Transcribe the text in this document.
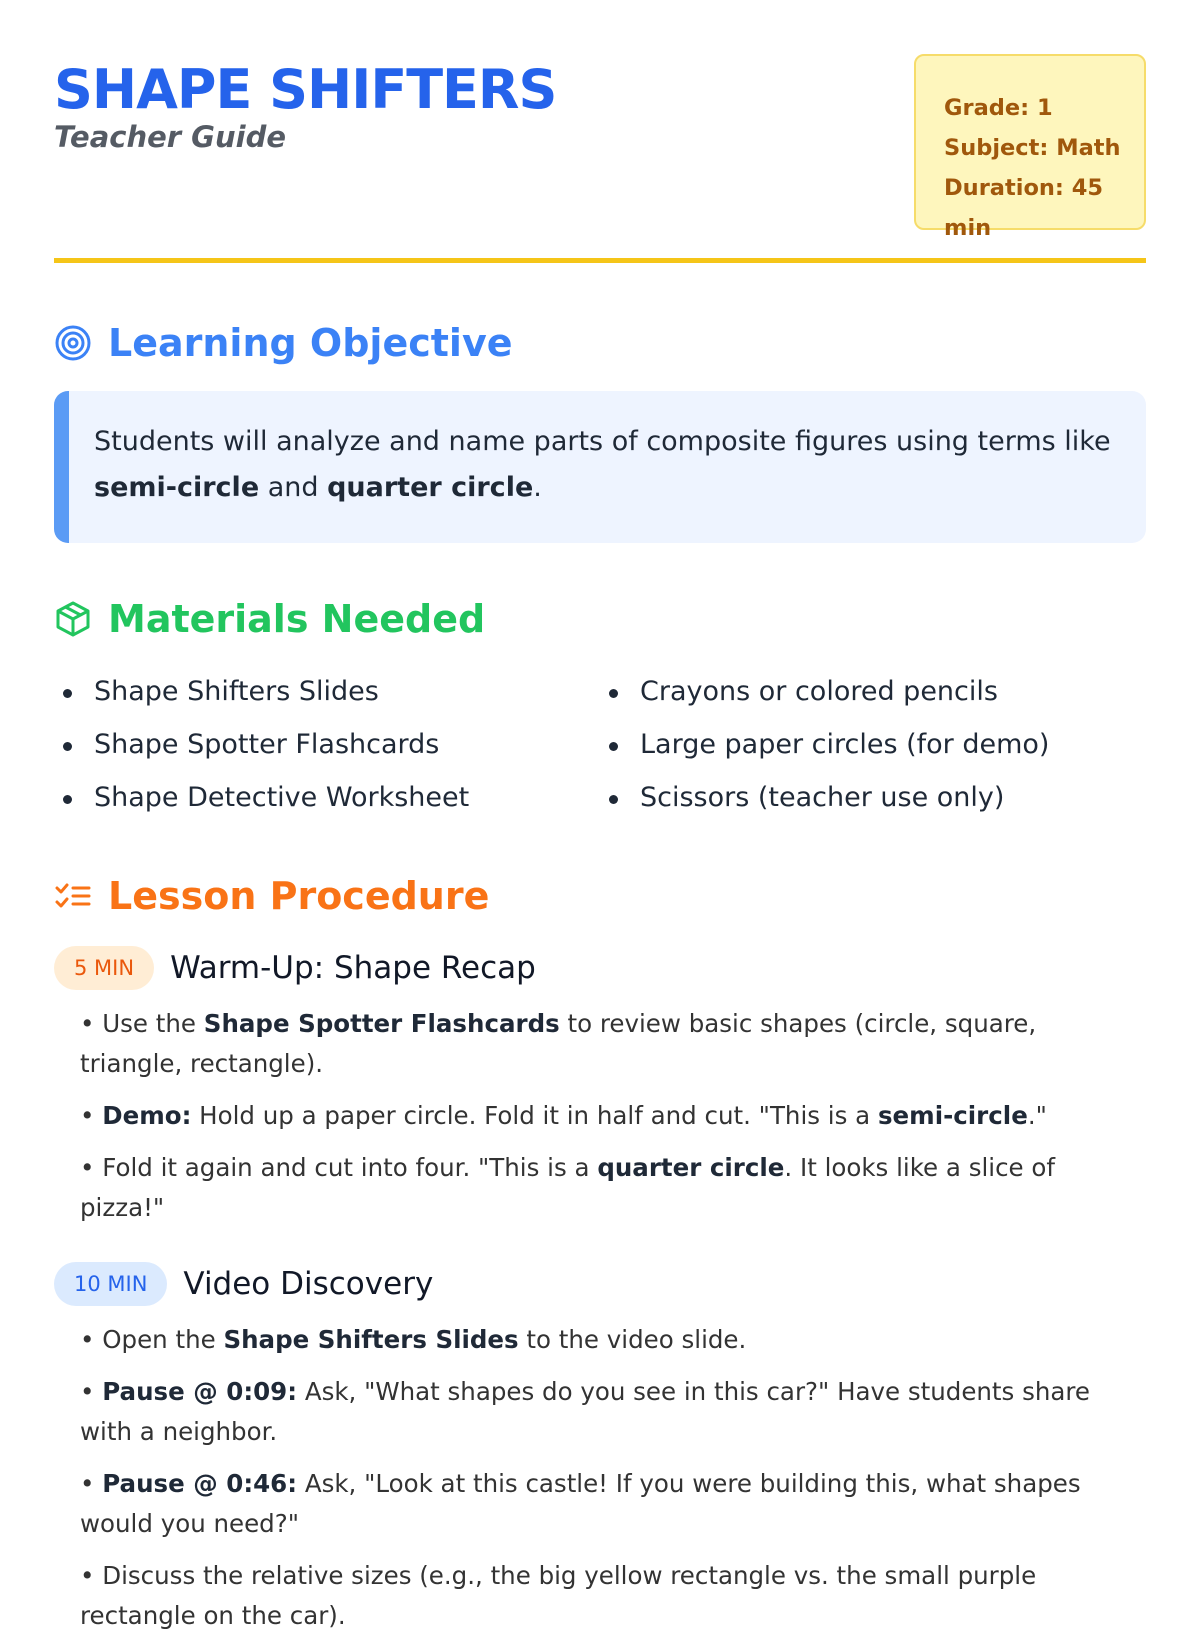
SHAPE SHIFTERS
Teacher Guide
Grade: 1
Subject: Math
Duration: 45 min
Learning Objective
Students will analyze and name parts of composite figures using terms like semi-circle and quarter circle.
Materials Needed
Shape Shifters Slides
Shape Spotter Flashcards
Shape Detective Worksheet
Crayons or colored pencils
Large paper circles (for demo)
Scissors (teacher use only)
Lesson Procedure
5 MIN	Warm-Up: Shape Recap
• Use the Shape Spotter Flashcards to review basic shapes (circle, square, triangle, rectangle).
• Demo: Hold up a paper circle. Fold it in half and cut. "This is a semi-circle."
• Fold it again and cut into four. "This is a quarter circle. It looks like a slice of pizza!"
10 MIN	Video Discovery
• Open the Shape Shifters Slides to the video slide.
• Pause @ 0:09: Ask, "What shapes do you see in this car?" Have students share with a neighbor.
• Pause @ 0:46: Ask, "Look at this castle! If you were building this, what shapes would you need?"
• Discuss the relative sizes (e.g., the big yellow rectangle vs. the small purple rectangle on the car).
